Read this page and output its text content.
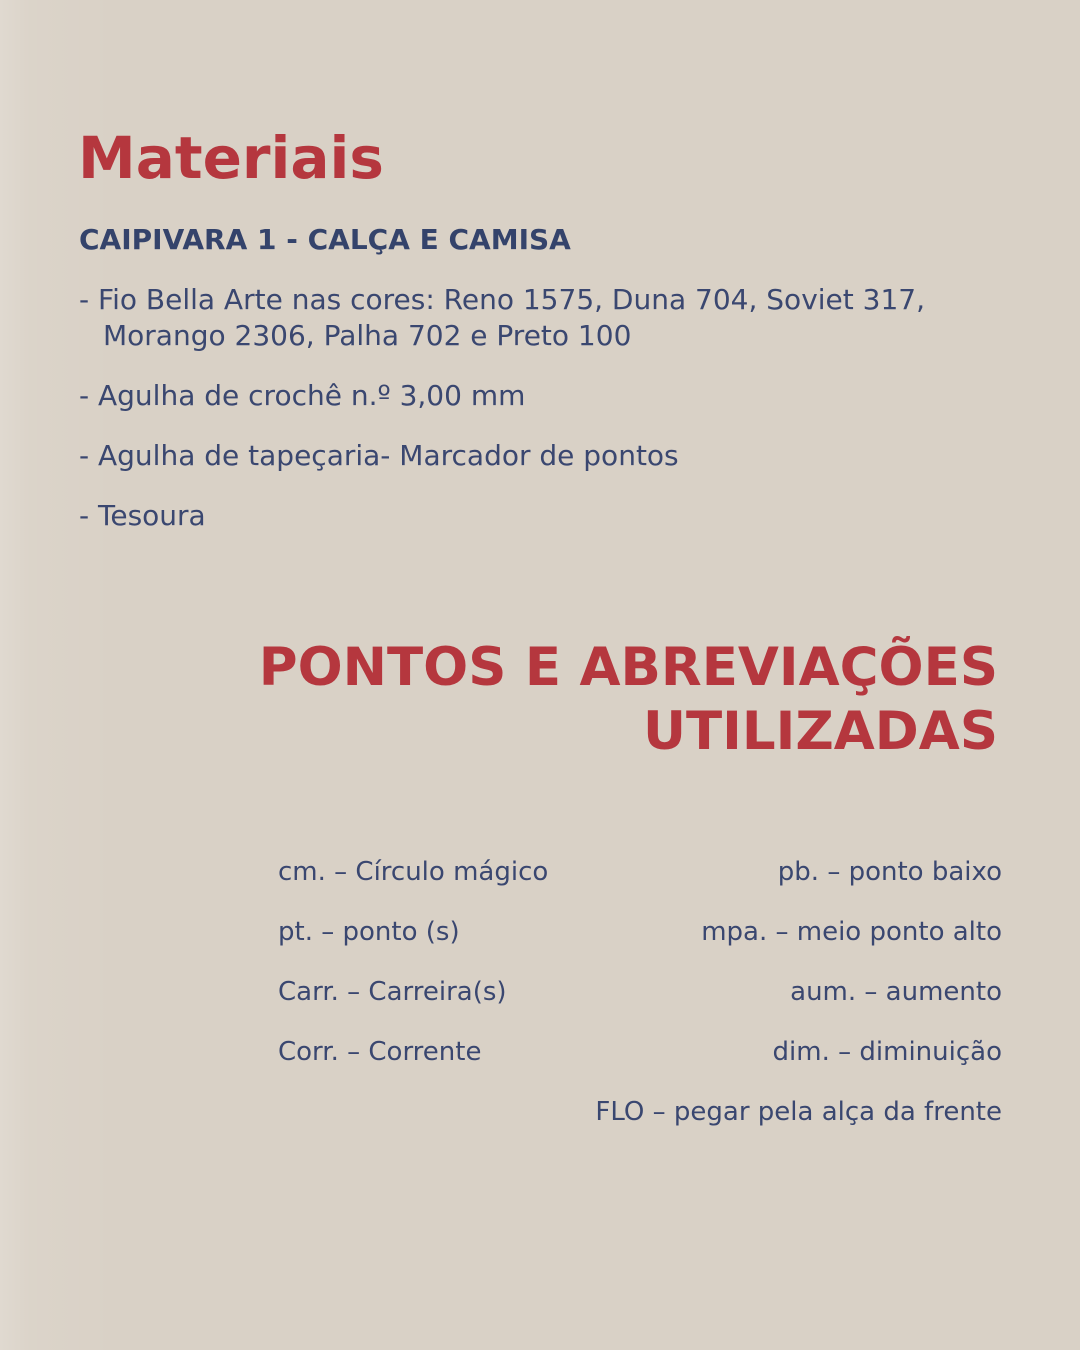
Materiais
CAIPIVARA 1 - CALÇA E CAMISA
- Fio Bella Arte nas cores: Reno 1575, Duna 704, Soviet 317, Morango 2306, Palha 702 e Preto 100
- Agulha de crochê n.º 3,00 mm
- Agulha de tapeçaria- Marcador de pontos
- Tesoura
PONTOS E ABREVIAÇÕES
UTILIZADAS
cm. – Círculo mágico	pb. – ponto baixo
pt. – ponto (s)	mpa. – meio ponto alto
Carr. – Carreira(s)	aum. – aumento
Corr. – Corrente	dim. – diminuição
FLO – pegar pela alça da frente
